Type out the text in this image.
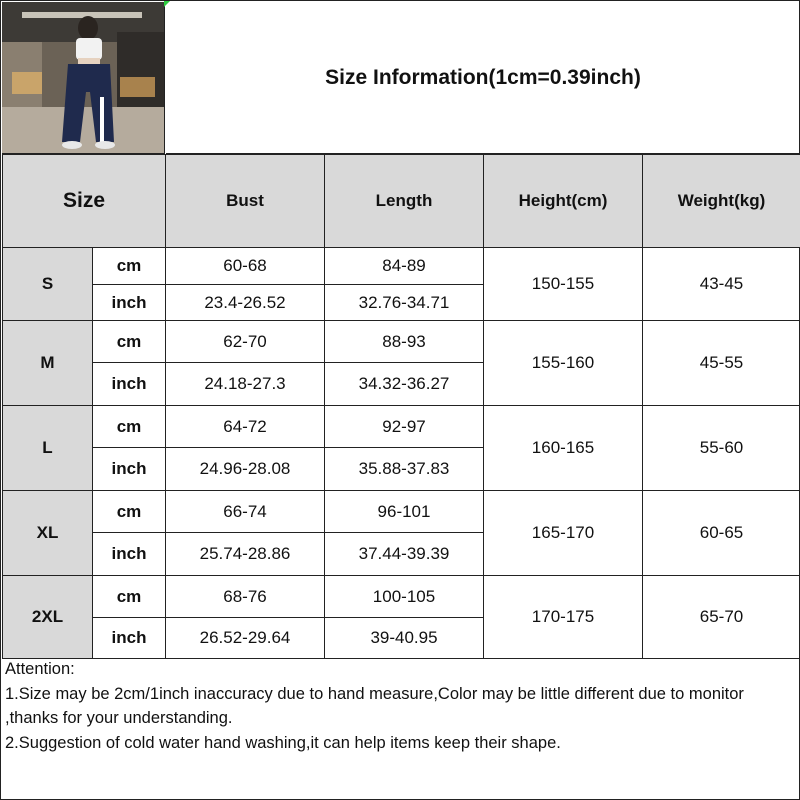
Size Information(1cm=0.39inch)
Size		Bust	Length	Height(cm)	Weight(kg)
S	cm	60-68	84-89	150-155	43-45
	inch	23.4-26.52	32.76-34.71		
M	cm	62-70	88-93	155-160	45-55
	inch	24.18-27.3	34.32-36.27		
L	cm	64-72	92-97	160-165	55-60
	inch	24.96-28.08	35.88-37.83		
XL	cm	66-74	96-101	165-170	60-65
	inch	25.74-28.86	37.44-39.39		
2XL	cm	68-76	100-105	170-175	65-70
	inch	26.52-29.64	39-40.95		
Attention:
1.Size may be 2cm/1inch inaccuracy due to hand measure,Color may be little different due to monitor ,thanks for your understanding.
2.Suggestion of cold water hand washing,it can help items keep their shape.
